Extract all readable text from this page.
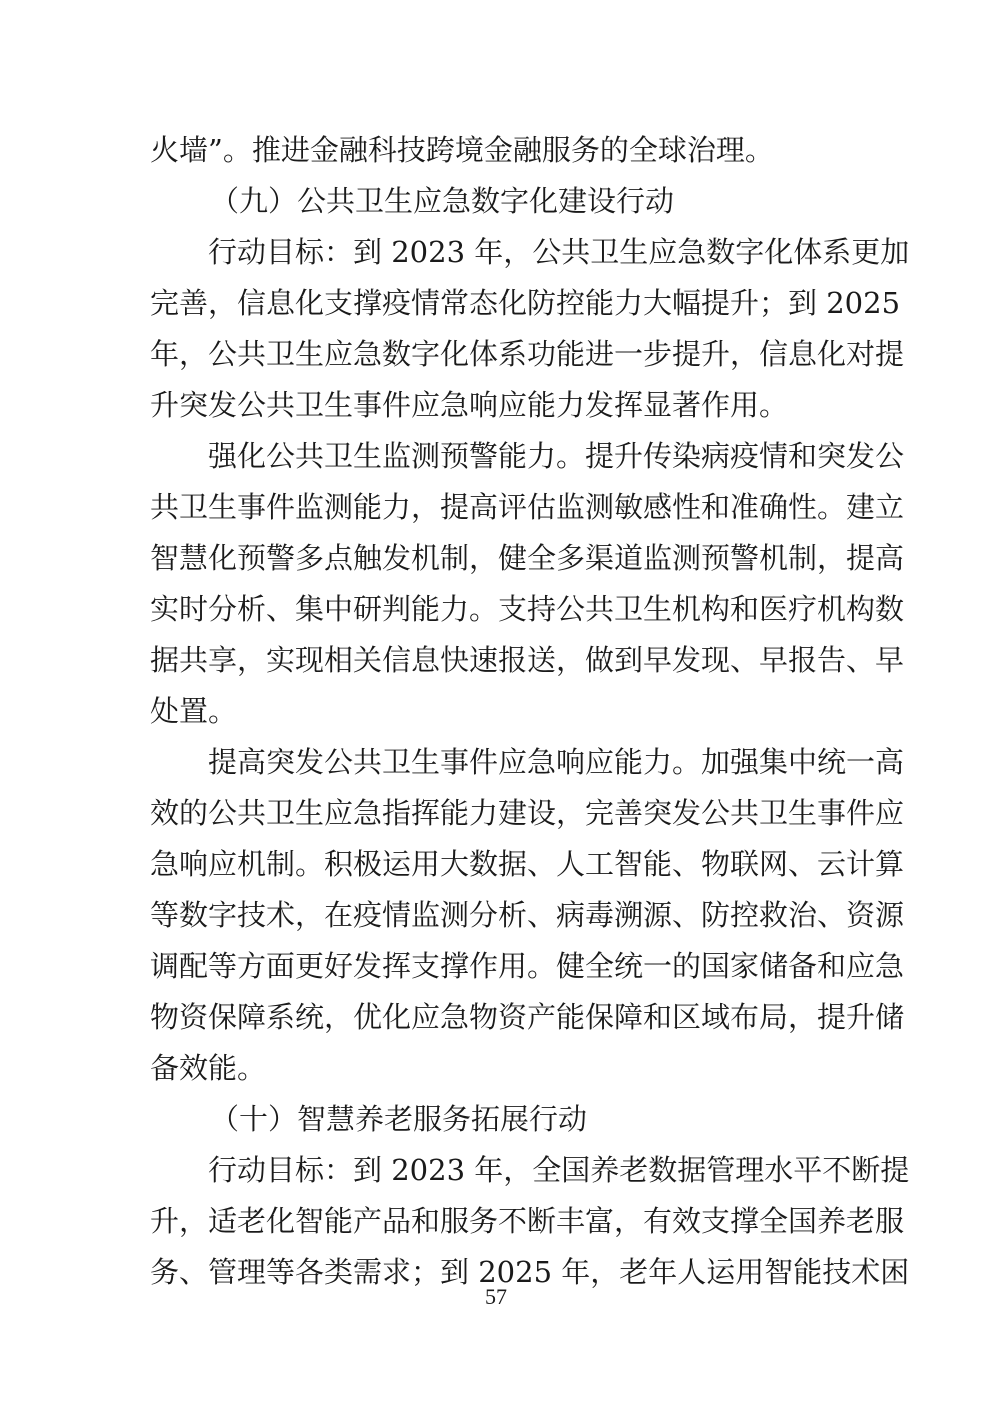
火墙”。推进金融科技跨境金融服务的全球治理。
（九）公共卫生应急数字化建设行动
行动目标：到 2023 年，公共卫生应急数字化体系更加
完善，信息化支撑疫情常态化防控能力大幅提升；到 2025
年，公共卫生应急数字化体系功能进一步提升，信息化对提
升突发公共卫生事件应急响应能力发挥显著作用。
强化公共卫生监测预警能力。提升传染病疫情和突发公
共卫生事件监测能力，提高评估监测敏感性和准确性。建立
智慧化预警多点触发机制，健全多渠道监测预警机制，提高
实时分析、集中研判能力。支持公共卫生机构和医疗机构数
据共享，实现相关信息快速报送，做到早发现、早报告、早
处置。
提高突发公共卫生事件应急响应能力。加强集中统一高
效的公共卫生应急指挥能力建设，完善突发公共卫生事件应
急响应机制。积极运用大数据、人工智能、物联网、云计算
等数字技术，在疫情监测分析、病毒溯源、防控救治、资源
调配等方面更好发挥支撑作用。健全统一的国家储备和应急
物资保障系统，优化应急物资产能保障和区域布局，提升储
备效能。
（十）智慧养老服务拓展行动
行动目标：到 2023 年，全国养老数据管理水平不断提
升，适老化智能产品和服务不断丰富，有效支撑全国养老服
务、管理等各类需求；到 2025 年，老年人运用智能技术困
57
